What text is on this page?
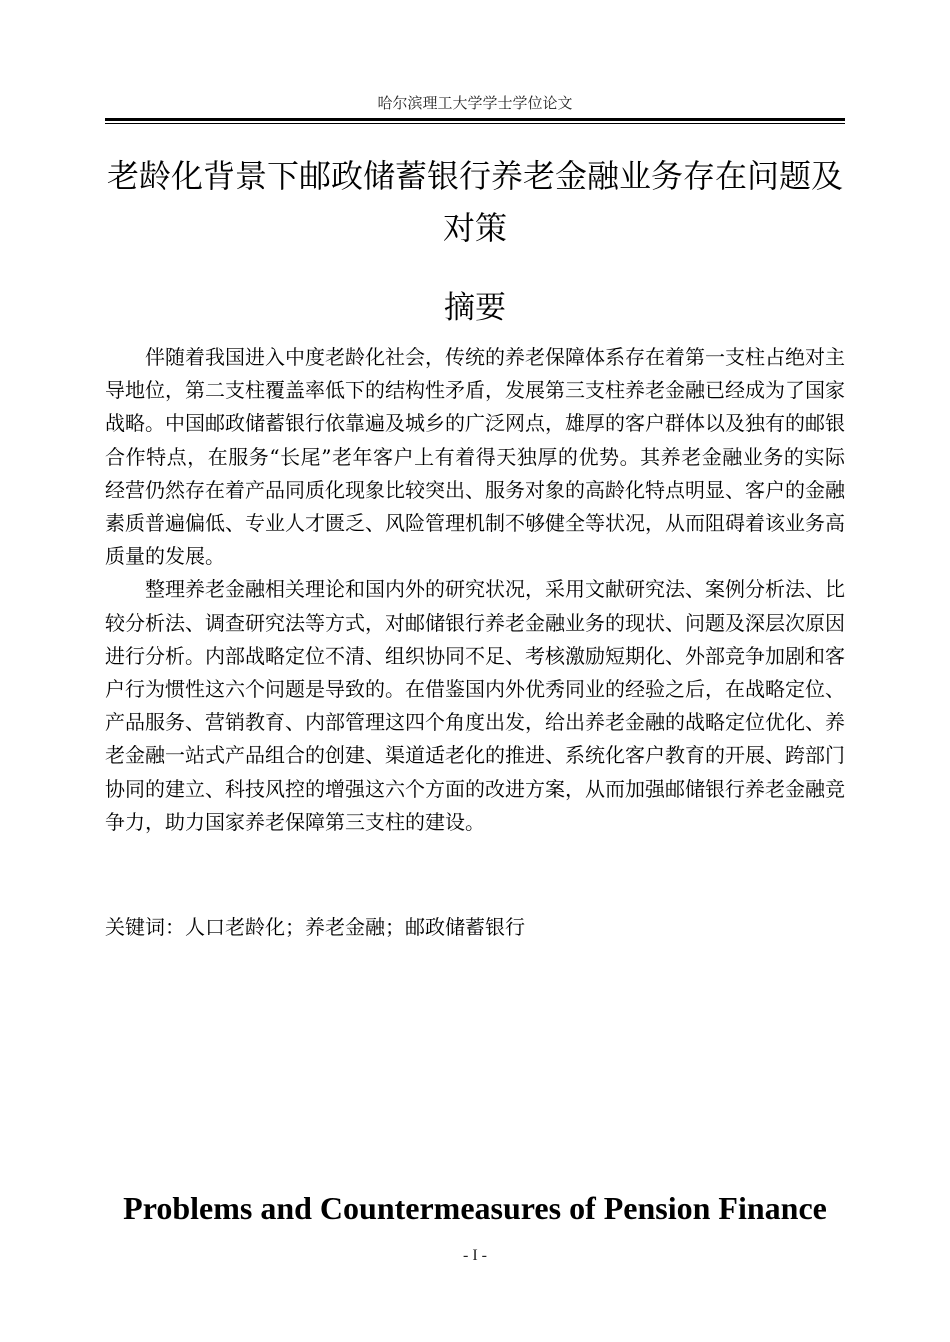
哈尔滨理工大学学士学位论文
老龄化背景下邮政储蓄银行养老金融业务存在问题及对策
摘要

伴随着我国进入中度老龄化社会，传统的养老保障体系存在着第一支柱占绝对主导地位，第二支柱覆盖率低下的结构性矛盾，发展第三支柱养老金融已经成为了国家战略。中国邮政储蓄银行依靠遍及城乡的广泛网点，雄厚的客户群体以及独有的邮银合作特点，在服务“长尾”老年客户上有着得天独厚的优势。其养老金融业务的实际经营仍然存在着产品同质化现象比较突出、服务对象的高龄化特点明显、客户的金融素质普遍偏低、专业人才匮乏、风险管理机制不够健全等状况，从而阻碍着该业务高质量的发展。

整理养老金融相关理论和国内外的研究状况，采用文献研究法、案例分析法、比较分析法、调查研究法等方式，对邮储银行养老金融业务的现状、问题及深层次原因进行分析。内部战略定位不清、组织协同不足、考核激励短期化、外部竞争加剧和客户行为惯性这六个问题是导致的。在借鉴国内外优秀同业的经验之后，在战略定位、产品服务、营销教育、内部管理这四个角度出发，给出养老金融的战略定位优化、养老金融一站式产品组合的创建、渠道适老化的推进、系统化客户教育的开展、跨部门协同的建立、科技风控的增强这六个方面的改进方案，从而加强邮储银行养老金融竞争力，助力国家养老保障第三支柱的建设。

关键词：人口老龄化；养老金融；邮政储蓄银行
Problems and Countermeasures of Pension Finance
- I -
